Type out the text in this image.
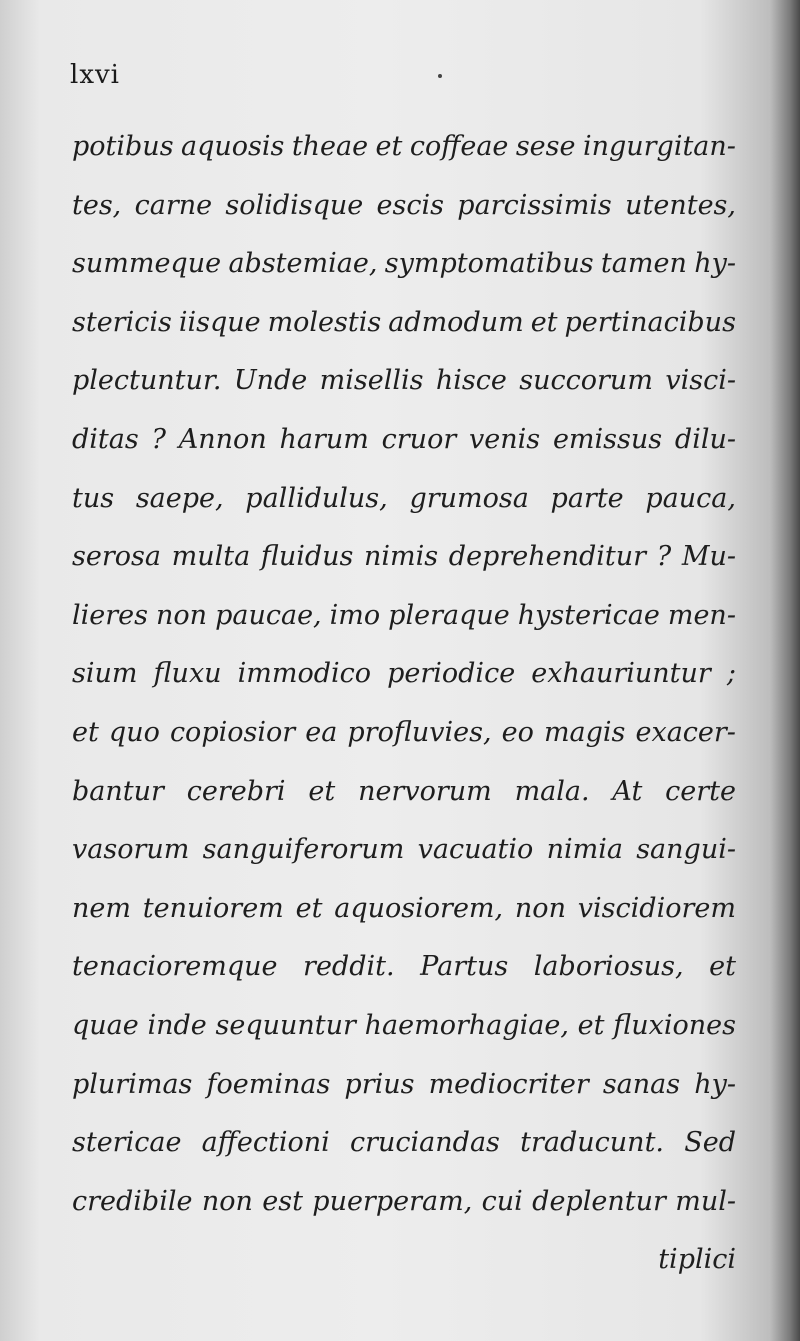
lxvi
potibus aquosis theae et coffeae sese ingurgitan-
tes, carne solidisque escis parcissimis utentes,
summeque abstemiae, symptomatibus tamen hy-
stericis iisque molestis admodum et pertinacibus
plectuntur. Unde misellis hisce succorum visci-
ditas ? Annon harum cruor venis emissus dilu-
tus saepe, pallidulus, grumosa parte pauca,
serosa multa fluidus nimis deprehenditur ? Mu-
lieres non paucae, imo pleraque hystericae men-
sium fluxu immodico periodice exhauriuntur ;
et quo copiosior ea profluvies, eo magis exacer-
bantur cerebri et nervorum mala. At certe
vasorum sanguiferorum vacuatio nimia sangui-
nem tenuiorem et aquosiorem, non viscidiorem
tenacioremque reddit. Partus laboriosus, et
quae inde sequuntur haemorhagiae, et fluxiones
plurimas foeminas prius mediocriter sanas hy-
stericae affectioni cruciandas traducunt. Sed
credibile non est puerperam, cui deplentur mul-
tiplici
